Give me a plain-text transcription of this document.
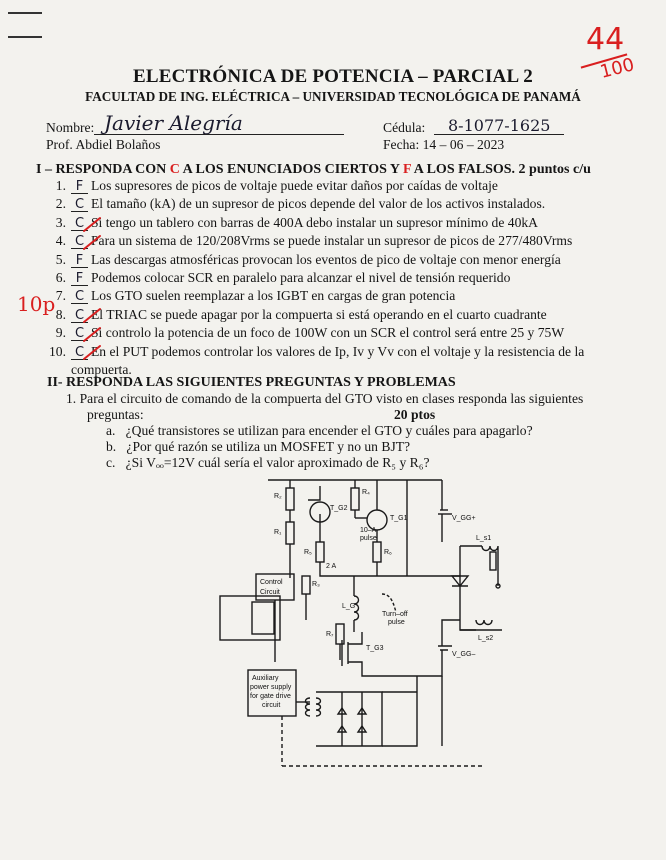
44
100
ELECTRÓNICA DE POTENCIA – PARCIAL 2
FACULTAD DE ING. ELÉCTRICA – UNIVERSIDAD TECNOLÓGICA DE PANAMÁ
Nombre: Javier Alegría	Cédula: 8-1077-1625
Prof. Abdiel Bolaños	Fecha: 14 – 06 – 2023
I – RESPONDA CON C A LOS ENUNCIADOS CIERTOS Y F A LOS FALSOS. 2 puntos c/u
10p
1. F Los supresores de picos de voltaje puede evitar daños por caídas de voltaje
2. C El tamaño (kA) de un supresor de picos depende del valor de los activos instalados.
3. C Si tengo un tablero con barras de 400A debo instalar un supresor mínimo de 40kA
4. C Para un sistema de 120/208Vrms se puede instalar un supresor de picos de 277/480Vrms
5. F Las descargas atmosféricas provocan los eventos de pico de voltaje con menor energía
6. F Podemos colocar SCR en paralelo para alcanzar el nivel de tensión requerido
7. C Los GTO suelen reemplazar a los IGBT en cargas de gran potencia
8. C El TRIAC se puede apagar por la compuerta si está operando en el cuarto cuadrante
9. C Si controlo la potencia de un foco de 100W con un SCR el control será entre 25 y 75W
10. C En el PUT podemos controlar los valores de Ip, Iv y Vv con el voltaje y la resistencia de la
compuerta.
II- RESPONDA LAS SIGUIENTES PREGUNTAS Y PROBLEMAS
1. Para el circuito de comando de la compuerta del GTO visto en clases responda las siguientes
preguntas:	20 ptos
a. ¿Qué transistores se utilizan para encender el GTO y cuáles para apagarlo?
b. ¿Por qué razón se utiliza un MOSFET y no un BJT?
c. ¿Si Vₒₒ=12V cuál sería el valor aproximado de R₅ y R₆?
R₂
R₁
T_G2
R₄
T_G1
10–A
pulse
R₅
2 A
R₆
Control
Circuit
R₃
L_G
Turn–off
pulse
R₇
T_G3
V_GG+
V_GG–
L_s1
L_s2
Auxiliary
power supply
for gate drive
circuit
